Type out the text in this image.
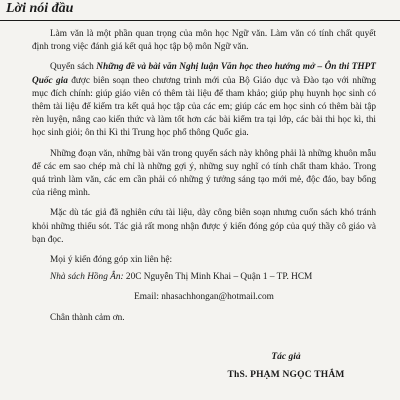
Lời nói đầu

Làm văn là một phần quan trọng của môn học Ngữ văn. Làm văn có tính chất quyết định trong việc đánh giá kết quả học tập bộ môn Ngữ văn.

Quyển sách Những đề và bài văn Nghị luận Văn học theo hướng mở – Ôn thi THPT Quốc gia được biên soạn theo chương trình mới của Bộ Giáo dục và Đào tạo với những mục đích chính: giúp giáo viên có thêm tài liệu để tham khảo; giúp phụ huynh học sinh có thêm tài liệu để kiểm tra kết quả học tập của các em; giúp các em học sinh có thêm bài tập rèn luyện, nâng cao kiến thức và làm tốt hơn các bài kiểm tra tại lớp, các bài thi học kì, thi học sinh giỏi; ôn thi Kì thi Trung học phổ thông Quốc gia.

Những đoạn văn, những bài văn trong quyển sách này không phải là những khuôn mẫu để các em sao chép mà chỉ là những gợi ý, những suy nghĩ có tính chất tham khảo. Trong quá trình làm văn, các em cần phải có những ý tưởng sáng tạo mới mẻ, độc đáo, bay bổng của riêng mình.

Mặc dù tác giả đã nghiên cứu tài liệu, dày công biên soạn nhưng cuốn sách khó tránh khỏi những thiếu sót. Tác giả rất mong nhận được ý kiến đóng góp của quý thầy cô giáo và bạn đọc.

Mọi ý kiến đóng góp xin liên hệ:

Nhà sách Hồng Ân: 20C Nguyễn Thị Minh Khai – Quận 1 – TP. HCM

Email: nhasachhongan@hotmail.com

Chân thành cảm ơn.

Tác giả
ThS. PHẠM NGỌC THẮM
